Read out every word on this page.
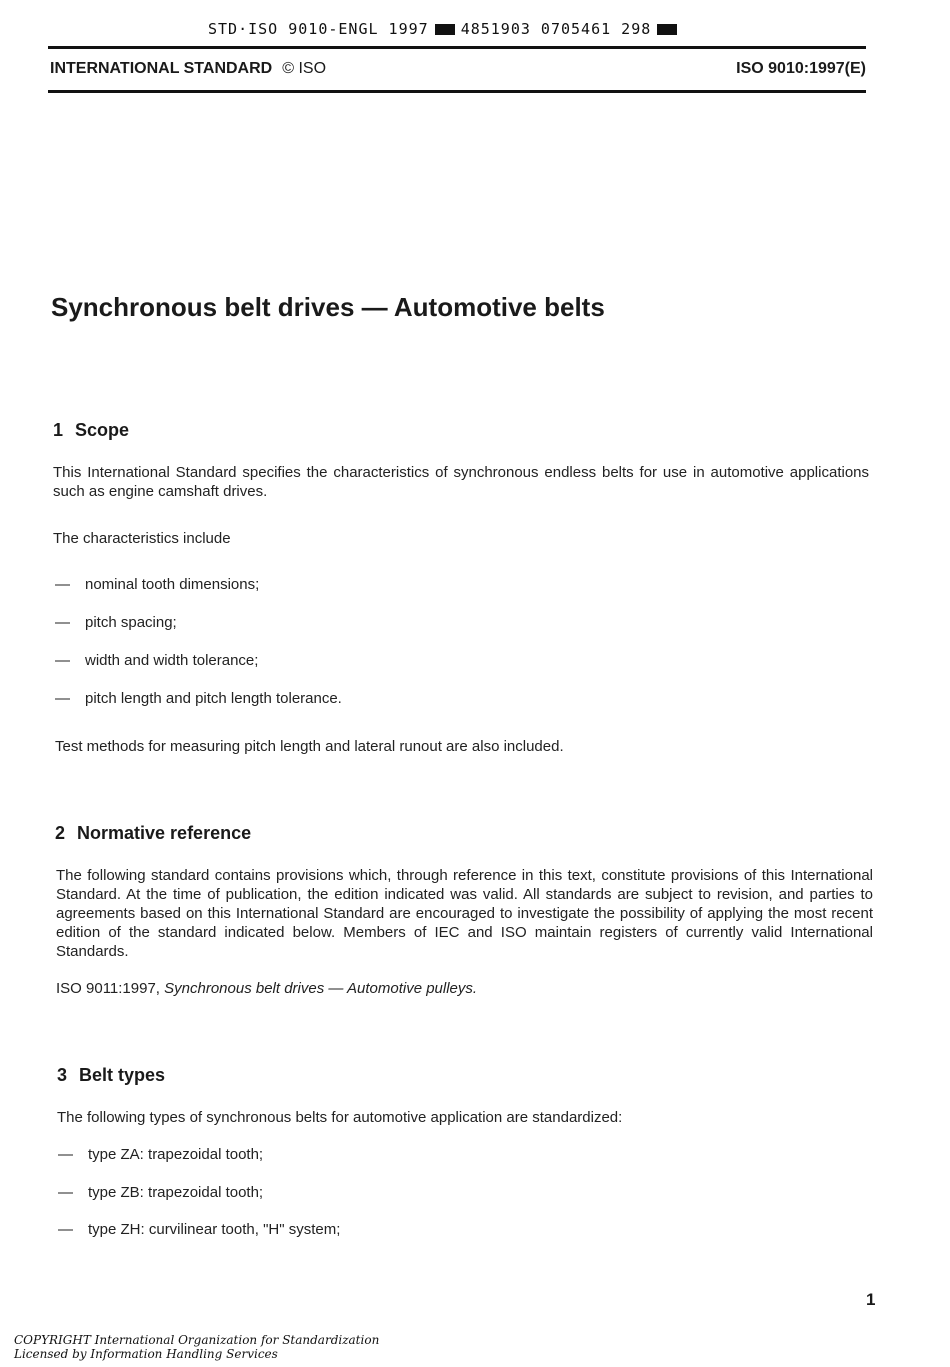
STD·ISO 9010-ENGL 1997 4851903 0705461 298
INTERNATIONAL STANDARD © ISO	ISO 9010:1997(E)
Synchronous belt drives — Automotive belts
1 Scope
This International Standard specifies the characteristics of synchronous endless belts for use in automotive applications such as engine camshaft drives.
The characteristics include
— nominal tooth dimensions;
— pitch spacing;
— width and width tolerance;
— pitch length and pitch length tolerance.
Test methods for measuring pitch length and lateral runout are also included.
2 Normative reference
The following standard contains provisions which, through reference in this text, constitute provisions of this International Standard. At the time of publication, the edition indicated was valid. All standards are subject to revision, and parties to agreements based on this International Standard are encouraged to investigate the possibility of applying the most recent edition of the standard indicated below. Members of IEC and ISO maintain registers of currently valid International Standards.
ISO 9011:1997, Synchronous belt drives — Automotive pulleys.
3 Belt types
The following types of synchronous belts for automotive application are standardized:
— type ZA: trapezoidal tooth;
— type ZB: trapezoidal tooth;
— type ZH: curvilinear tooth, "H" system;
1
COPYRIGHT International Organization for Standardization
Licensed by Information Handling Services
